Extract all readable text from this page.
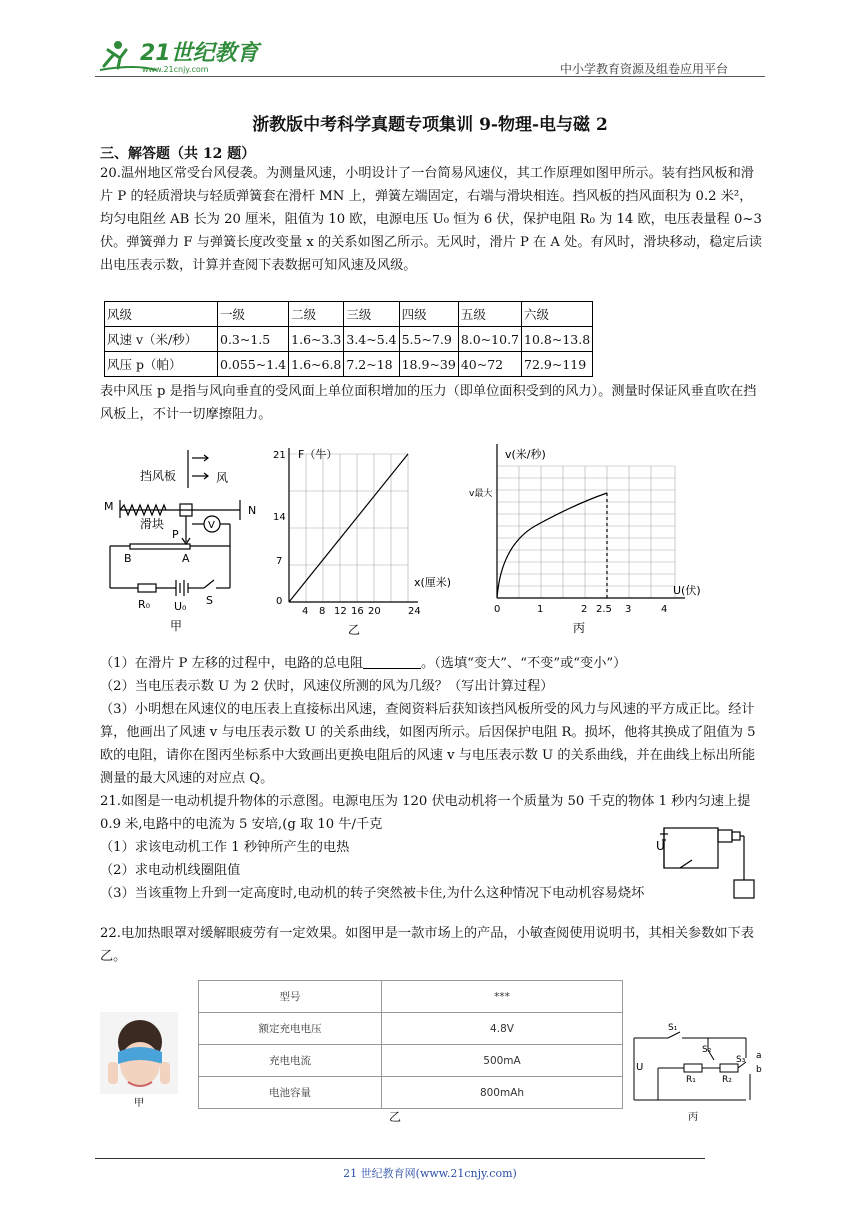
21世纪教育
www.21cnjy.com	中小学教育资源及组卷应用平台
浙教版中考科学真题专项集训 9-物理-电与磁 2
三、解答题（共 12 题）
20.温州地区常受台风侵袭。为测量风速，小明设计了一台简易风速仪，其工作原理如图甲所示。装有挡风板和滑片 P 的轻质滑块与轻质弹簧套在滑杆 MN 上，弹簧左端固定，右端与滑块相连。挡风板的挡风面积为 0.2 米²，均匀电阻丝 AB 长为 20 厘米，阻值为 10 欧，电源电压 U₀ 恒为 6 伏，保护电阻 R₀ 为 14 欧，电压表量程 0~3 伏。弹簧弹力 F 与弹簧长度改变量 x 的关系如图乙所示。无风时，滑片 P 在 A 处。有风时，滑块移动，稳定后读出电压表示数，计算并查阅下表数据可知风速及风级。
风级	一级	二级	三级	四级	五级	六级
风速 v（米/秒）	0.3~1.5	1.6~3.3	3.4~5.4	5.5~7.9	8.0~10.7	10.8~13.8
风压 p（帕）	0.055~1.4	1.6~6.8	7.2~18	18.9~39	40~72	72.9~119
表中风压 p 是指与风向垂直的受风面上单位面积增加的压力（即单位面积受到的风力）。测量时保证风垂直吹在挡风板上，不计一切摩擦阻力。
挡风板	风
M	N
滑块
P
V
B	A
R₀ U₀ S
甲
F（牛）
21
14
7
0
4 8 12 16 20	24
x(厘米)
乙
v(米/秒)
v最大
U(伏)
0	1	2 2.5 3	4
丙
（1）在滑片 P 左移的过程中，电路的总电阻	。（选填“变大”、“不变”或“变小”）
（2）当电压表示数 U 为 2 伏时，风速仪所测的风为几级？（写出计算过程）
（3）小明想在风速仪的电压表上直接标出风速，查阅资料后获知该挡风板所受的风力与风速的平方成正比。经计算，他画出了风速 v 与电压表示数 U 的关系曲线，如图丙所示。后因保护电阻 R。损坏，他将其换成了阻值为 5 欧的电阻，请你在图丙坐标系中大致画出更换电阻后的风速 v 与电压表示数 U 的关系曲线，并在曲线上标出所能测量的最大风速的对应点 Q。
21.如图是一电动机提升物体的示意图。电源电压为 120 伏电动机将一个质量为 50 千克的物体 1 秒内匀速上提 0.9 米,电路中的电流为 5 安培,(g 取 10 牛/千克
（1）求该电动机工作 1 秒钟所产生的电热
（2）求电动机线圈阻值
（3）当该重物上升到一定高度时,电动机的转子突然被卡住,为什么这种情况下电动机容易烧坏
U
22.电加热眼罩对缓解眼疲劳有一定效果。如图甲是一款市场上的产品，小敏查阅使用说明书，其相关参数如下表乙。
甲
型号	***
额定充电电压	4.8V
充电电流	500mA
电池容量	800mAh
乙
S₁
S₂
S₃
U
R₁	R₂
a
b
丙
21 世纪教育网(www.21cnjy.com)
